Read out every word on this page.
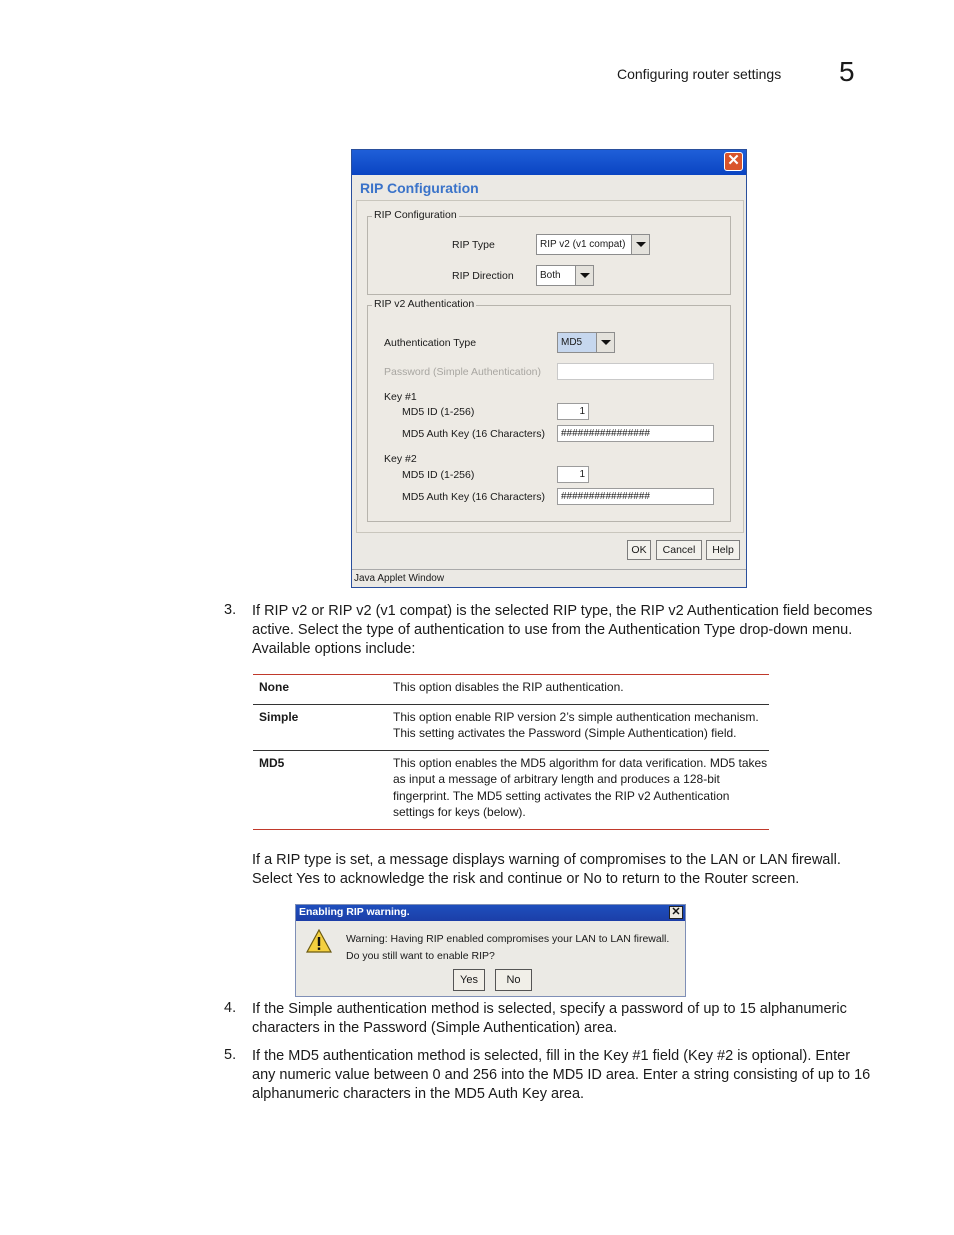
Configuring router settings 5
✕
RIP Configuration
RIP Configuration
RIP Type	RIP v2 (v1 compat)
RIP Direction	Both
RIP v2 Authentication
Authentication Type	MD5
Password (Simple Authentication)
Key #1
MD5 ID (1-256)	1
MD5 Auth Key (16 Characters)	################
Key #2
MD5 ID (1-256)	1
MD5 Auth Key (16 Characters)	################
OK	Cancel	Help
Java Applet Window
3. If RIP v2 or RIP v2 (v1 compat) is the selected RIP type, the RIP v2 Authentication field becomes active. Select the type of authentication to use from the Authentication Type drop-down menu. Available options include:
None	This option disables the RIP authentication.
Simple	This option enable RIP version 2’s simple authentication mechanism. This setting activates the Password (Simple Authentication) field.
MD5	This option enables the MD5 algorithm for data verification. MD5 takes as input a message of arbitrary length and produces a 128-bit fingerprint. The MD5 setting activates the RIP v2 Authentication settings for keys (below).
If a RIP type is set, a message displays warning of compromises to the LAN or LAN firewall. Select Yes to acknowledge the risk and continue or No to return to the Router screen.
Enabling RIP warning.	✕
Warning: Having RIP enabled compromises your LAN to LAN firewall.
Do you still want to enable RIP?
Yes	No
4. If the Simple authentication method is selected, specify a password of up to 15 alphanumeric characters in the Password (Simple Authentication) area.
5. If the MD5 authentication method is selected, fill in the Key #1 field (Key #2 is optional). Enter any numeric value between 0 and 256 into the MD5 ID area. Enter a string consisting of up to 16 alphanumeric characters in the MD5 Auth Key area.
